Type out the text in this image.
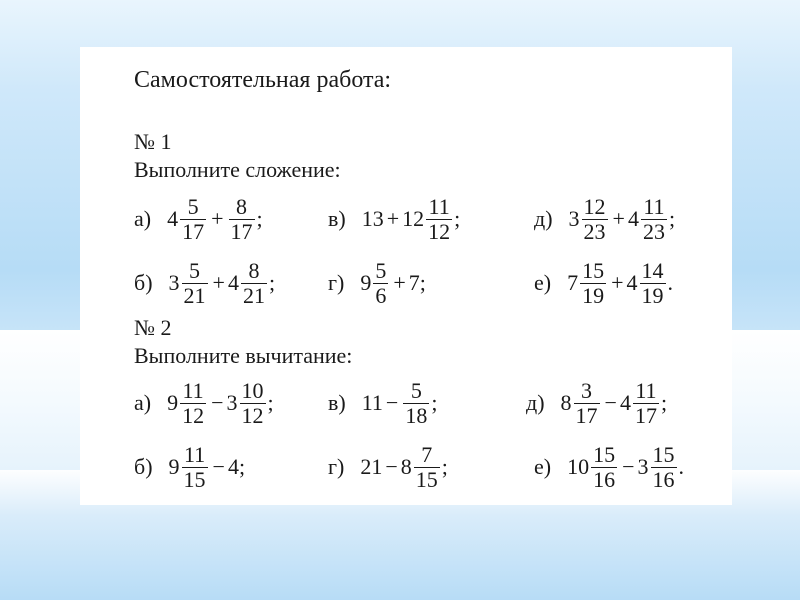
Самостоятельная работа:
№ 1
Выполните сложение:
а) $4 \frac{5}{17} + \frac{8}{17}$ ;	в) $13 + 12 \frac{11}{12}$ ;	д) $3 \frac{12}{23} + 4 \frac{11}{23}$ ;
б) $3 \frac{5}{21} + 4 \frac{8}{21}$ ; г) $9 \frac{5}{6} + 7$ ;	е) $7 \frac{15}{19} + 4 \frac{14}{19}$ .
№ 2
Выполните вычитание:
а) $9 \frac{11}{12} - 3 \frac{10}{12}$ ; в) $11 - \frac{5}{18}$ ;	д) $8 \frac{3}{17} - 4 \frac{11}{17}$ ;
б) $9 \frac{11}{15} - 4$ ;	г) $21 - 8 \frac{7}{15}$ ;	е) $10 \frac{15}{16} - 3 \frac{15}{16}$ .
